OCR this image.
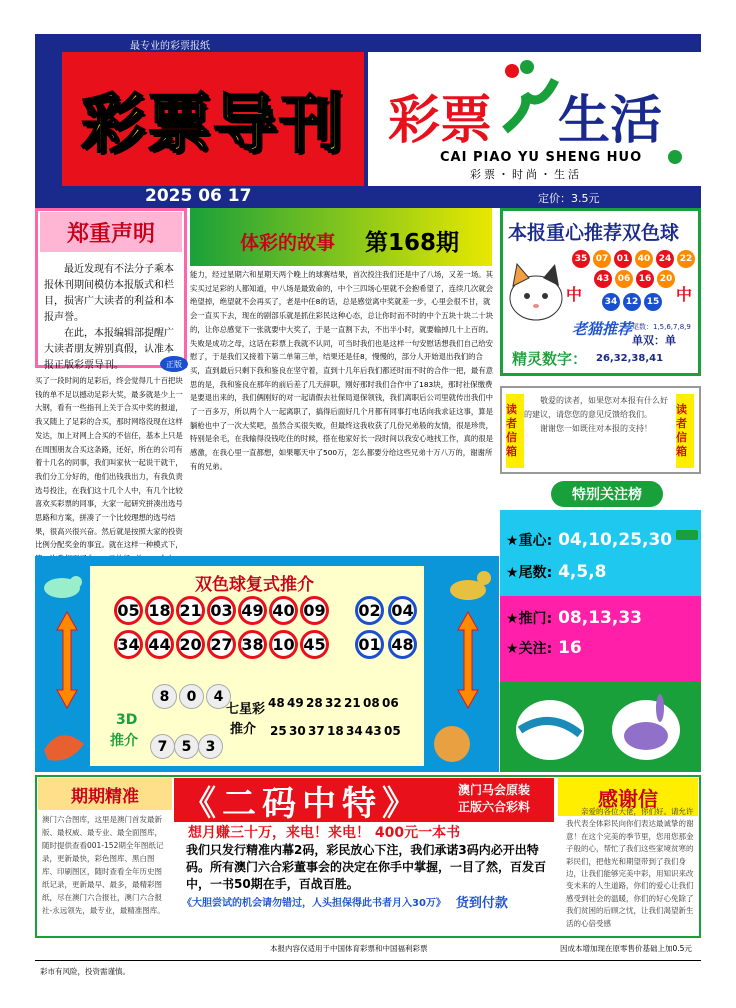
最专业的彩票报纸
彩票导刊
2025 06 17
彩票 生活
CAI PIAO YU SHENG HUO
彩票・时尚・生活
定价：3.5元
郑重声明

最近发现有不法分子乘本报休刊期间模仿本报版式和栏目，损害广大读者的利益和本报声誉。

在此，本报编辑部提醒广大读者朋友辨别真假，认准本报正版彩票导刊。	正版
体彩的故事 第168期
能力，经过星期六和星期天两个晚上的球赛结果，首次投注我们还是中了八场，又差一场。其实买过足彩的人都知道，中八场是最致命的，中个三四场心里就不会抱希望了，连续几次就会绝望掉，绝望就不会再买了，老是中任8的话，总是感觉离中奖就差一步，心里会很不甘，就会一直买下去，现在的剧部乐就是抓住彩民这种心态，总让你时而不时的中个五块十块二十块的，让你总感觉下一张就要中大奖了，于是一直割下去，不出半小时，就要输掉几十上百的。失败是成功之母，这话在彩票上我就不认同，可当时我们也是这样一句安慰话想我们自己给安慰了，于是我们又接着下第二单第三单，结果还是任8，慢慢的，部分人开始退出我们的合买，直到最后只剩下我和鉴良在坚守着，直到十几年后我们都还时而不时的合作一把，最有意思的是，我和鉴良在那年的前后差了几天辞职，刚好那时我们合作中了183块，那时社保缴费是要退出来的，我们俩刚好的对一起请假去社保局退保领钱，我们离职后公司里就传出我们中了一百多万，所以两个人一起离职了，搞得后面好几个月都有同事打电话向我求证这事，算是躺枪也中了一次大奖吧，虽然合买很失败，但最终这我收获了几份兄弟般的友情，很是珍贵，特别是余毛，在我输得没钱吃住的时候，搭在他家好长一段时间以我安心地找工作，真的很是感激，在我心里一直都想，如果哪天中了500万，怎么都要分给这些兄弟十万八万的，谢谢所有的兄弟。
买了一段时间的足彩后，终会觉得几十百把块钱的单不足以撼动足彩大奖，最多就是少上一大钢，看有一些指刊上关于合买中奖的报道，我又随上了足彩的合买，那时网络没现在这样发达，加上对网上合买的不信任，基本上只是在周围朋友合买这条路，还好，所在的公司有着十几名的同事，我们叫家伙一起说干就干，我们分工分好的，他们出钱我出力，有我负责选号投注，在我们这十几个人中，有几个比较喜欢买彩票的同事，大家一起研究拼凑出选号思路和方案，拼凑了一个比较理想的选号结果，很高兴很兴奋。然后就是按照大家的投资比例分配奖金的事宜。就在这样一种模式下，
本报重心推荐双色球
35 07 01 40 24 22
43 06 16 20
34 12 15
中	中
老猫推荐 尾数：1,5,6,7,8,9
单双：单
精灵数字： 26,32,38,41
读者信箱
读者信箱

敬爱的读者，如果您对本报有什么好的建议，请您您的意见反馈给我们。

谢谢您一如既往对本报的支持！

特别关注榜
★重心: 04,10,25,30
★尾数: 4,5,8
★推门: 08,13,33
★关注: 16
双色球复式推介
05 18 21 03 49 40 09 02 04
34 44 20 27 38 10 45 01 48
8	0	4
7	5	3
3D
推介
七星彩
推介
48 49 28 32 21 08 06
25 30 37 18 34 43 05
期期精准
澳门六合图库，这里是澳门首发最新版、最权威、最专业、最全面图库，随时提供查看001-152期全年图纸记录，更新最快，彩色图库、黑白图库、印刷图区，随时查看全年历史图纸记录，更新最早、最多，最精彩图纸，尽在澳门六合报社，澳门六合报社-永远领先，最专业，最精准图库。
《二码中特》	澳门马会原装
正版六合彩料
想月赚三十万，来电！来电！ 400元一本书
我们只发行精准内幕2码，彩民放心下注，我们承诺3码内必开出特码。所有澳门六合彩董事会的决定在你手中掌握，一目了然，百发百中，一书50期在手，百战百胜。
《大胆尝试的机会请勿错过，人头担保得此书者月入30万》 货到付款
感谢信
亲爱的各位大佬，你们好。请允许我代表全体彩民向你们表达最诚挚的谢意！在这个完美的季节里，您用您那金子般的心，帮忙了我们这些家境贫寒的彩民们，把他光和期望带到了我们身边，让我们能够完美中彩，用知识来改变未来的人生道路，你们的爱心让我们感受到社会的温暖，你们的好心免除了我们贫困的后顾之忧，让我们渴望新生活的心倍受感
本报内容仅适用于中国体育彩票和中国福利彩票	因成本增加现在原零售价基础上加0.5元
彩市有风险，投资需谨慎。
